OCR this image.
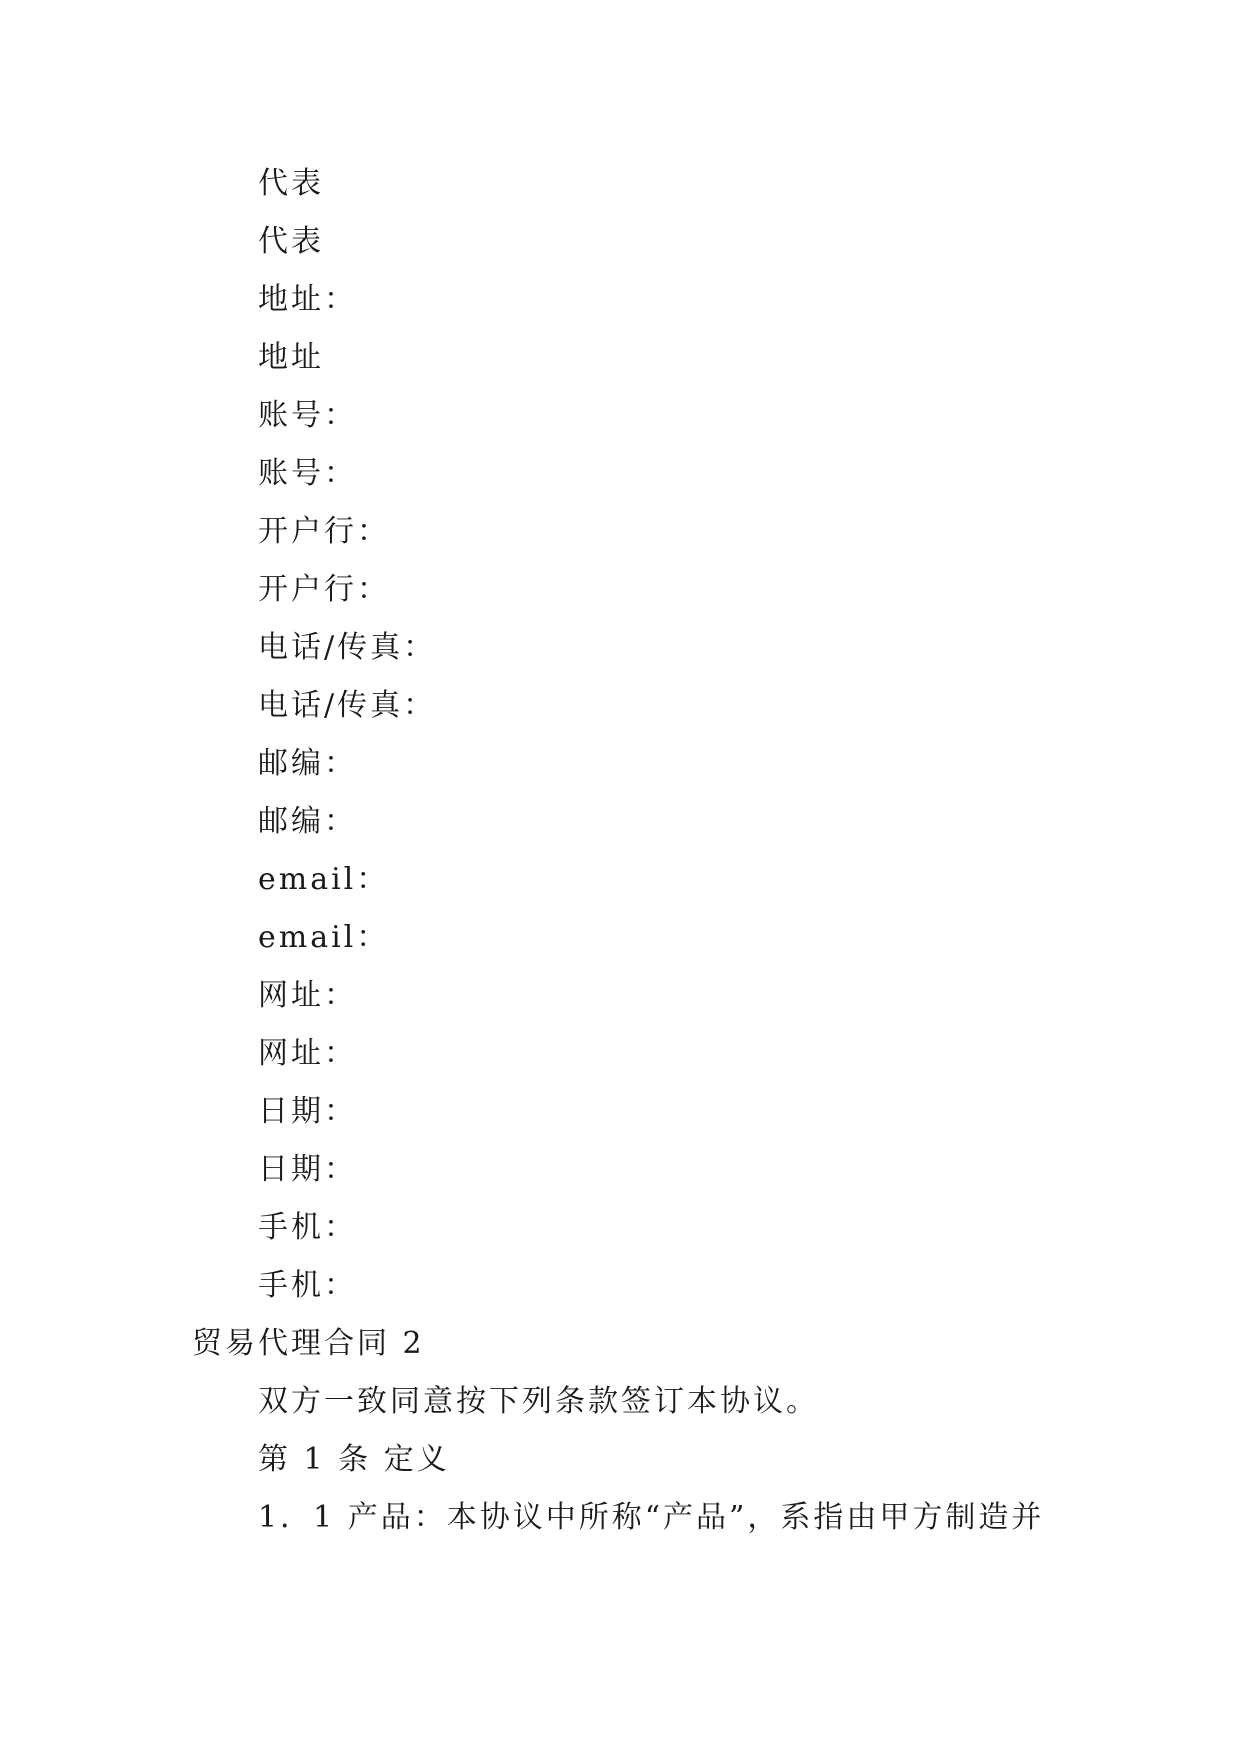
代表
代表
地址：
地址
账号：
账号：
开户行：
开户行：
电话/传真：
电话/传真：
邮编：
邮编：
email：
email：
网址：
网址：
日期：
日期：
手机：
手机：
贸易代理合同 2
双方一致同意按下列条款签订本协议。
第 1 条 定义
1．1 产品：本协议中所称“产品”，系指由甲方制造并
